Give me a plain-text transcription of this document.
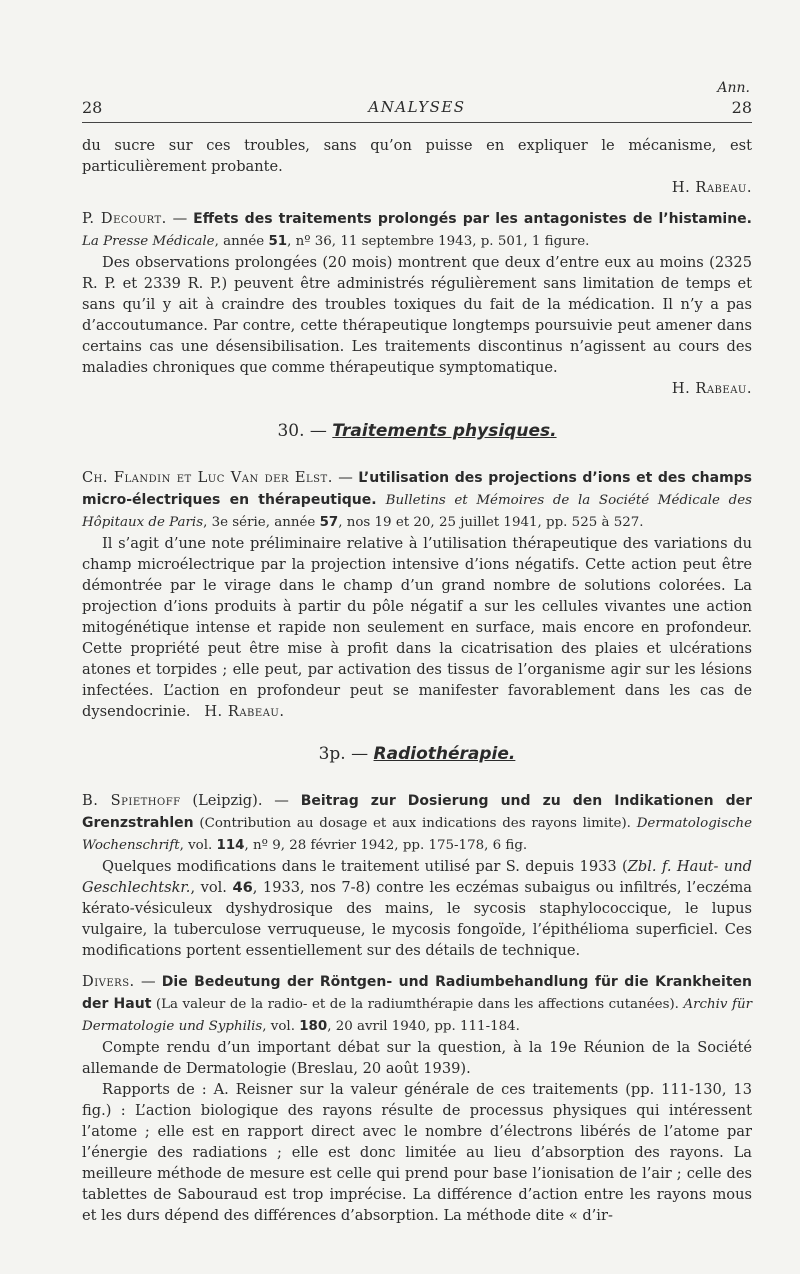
Ann.
28	ANALYSES	28

du sucre sur ces troubles, sans qu’on puisse en expliquer le mécanisme, est particulièrement probante.

H. Rabeau.

P. Decourt. — Effets des traitements prolongés par les antagonistes de l’histamine. La Presse Médicale, année 51, nº 36, 11 septembre 1943, p. 501, 1 figure.

Des observations prolongées (20 mois) montrent que deux d’entre eux au moins (2325 R. P. et 2339 R. P.) peuvent être administrés régulièrement sans limitation de temps et sans qu’il y ait à craindre des troubles toxiques du fait de la médication. Il n’y a pas d’accoutumance. Par contre, cette thérapeutique longtemps poursuivie peut amener dans certains cas une désensibilisation. Les traitements discontinus n’agissent au cours des maladies chroniques que comme thérapeutique symptomatique.

H. Rabeau.

30. — Traitements physiques.

Ch. Flandin et Luc Van der Elst. — L’utilisation des projections d’ions et des champs micro-électriques en thérapeutique. Bulletins et Mémoires de la Société Médicale des Hôpitaux de Paris, 3e série, année 57, nos 19 et 20, 25 juillet 1941, pp. 525 à 527.

Il s’agit d’une note préliminaire relative à l’utilisation thérapeutique des variations du champ microélectrique par la projection intensive d’ions négatifs. Cette action peut être démontrée par le virage dans le champ d’un grand nombre de solutions colorées. La projection d’ions produits à partir du pôle négatif a sur les cellules vivantes une action mitogénétique intense et rapide non seulement en surface, mais encore en profondeur. Cette propriété peut être mise à profit dans la cicatrisation des plaies et ulcérations atones et torpides ; elle peut, par activation des tissus de l’organisme agir sur les lésions infectées. L’action en profondeur peut se manifester favorablement dans les cas de dysendocrinie. H. Rabeau.

3p. — Radiothérapie.

B. Spiethoff (Leipzig). — Beitrag zur Dosierung und zu den Indikationen der Grenzstrahlen (Contribution au dosage et aux indications des rayons limite). Dermatologische Wochenschrift, vol. 114, nº 9, 28 février 1942, pp. 175-178, 6 fig.

Quelques modifications dans le traitement utilisé par S. depuis 1933 (Zbl. f. Haut- und Geschlechtskr., vol. 46, 1933, nos 7-8) contre les eczémas subaigus ou infiltrés, l’eczéma kérato-vésiculeux dyshydrosique des mains, le sycosis staphylococcique, le lupus vulgaire, la tuberculose verruqueuse, le mycosis fongoïde, l’épithélioma superficiel. Ces modifications portent essentiellement sur des détails de technique.

Divers. — Die Bedeutung der Röntgen- und Radiumbehandlung für die Krankheiten der Haut (La valeur de la radio- et de la radiumthérapie dans les affections cutanées). Archiv für Dermatologie und Syphilis, vol. 180, 20 avril 1940, pp. 111-184.

Compte rendu d’un important débat sur la question, à la 19e Réunion de la Société allemande de Dermatologie (Breslau, 20 août 1939).

Rapports de : A. Reisner sur la valeur générale de ces traitements (pp. 111-130, 13 fig.) : L’action biologique des rayons résulte de processus physiques qui intéressent l’atome ; elle est en rapport direct avec le nombre d’électrons libérés de l’atome par l’énergie des radiations ; elle est donc limitée au lieu d’absorption des rayons. La meilleure méthode de mesure est celle qui prend pour base l’ionisation de l’air ; celle des tablettes de Sabouraud est trop imprécise. La différence d’action entre les rayons mous et les durs dépend des différences d’absorption. La méthode dite « d’ir-
